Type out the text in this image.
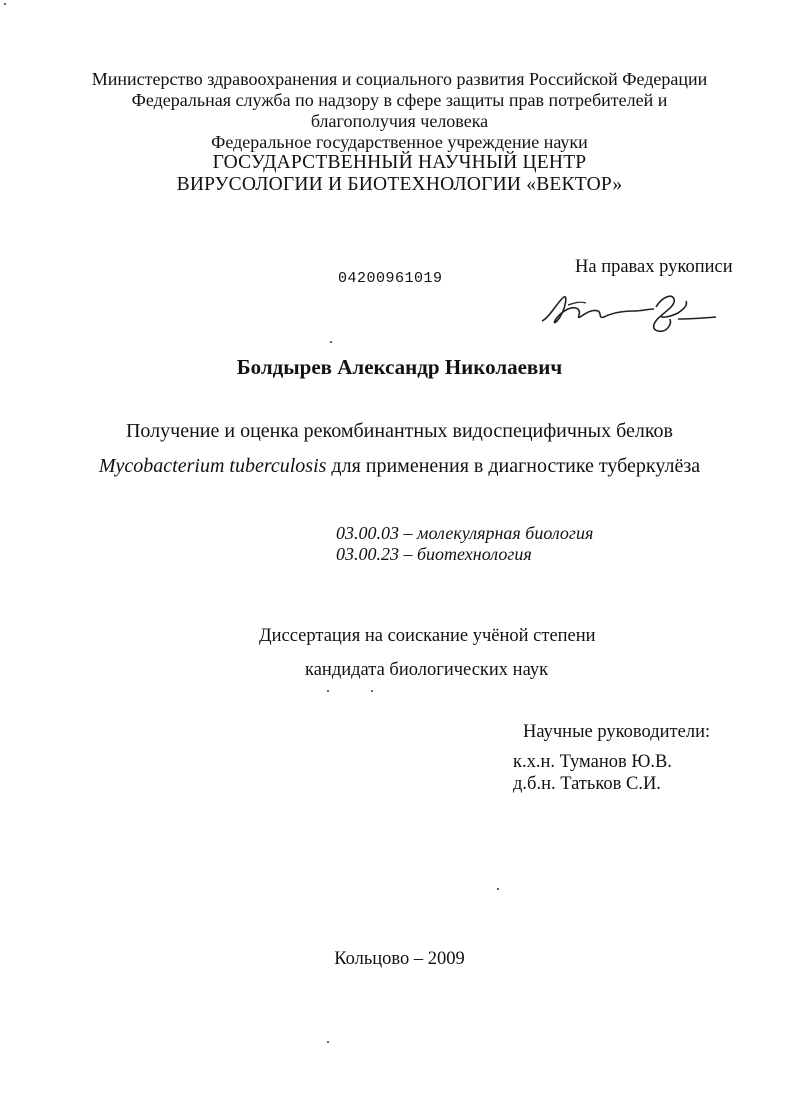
Министерство здравоохранения и социального развития Российской Федерации
Федеральная служба по надзору в сфере защиты прав потребителей и
благополучия человека
Федеральное государственное учреждение науки
ГОСУДАРСТВЕННЫЙ НАУЧНЫЙ ЦЕНТР
ВИРУСОЛОГИИ И БИОТЕХНОЛОГИИ «ВЕКТОР»
04200961019
На правах рукописи
Болдырев Александр Николаевич
Получение и оценка рекомбинантных видоспецифичных белков
Mycobacterium tuberculosis для применения в диагностике туберкулёза
03.00.03 – молекулярная биология
03.00.23 – биотехнология
Диссертация на соискание учёной степени
кандидата биологических наук
Научные руководители:
к.х.н. Туманов Ю.В.
д.б.н. Татьков С.И.
Кольцово – 2009
